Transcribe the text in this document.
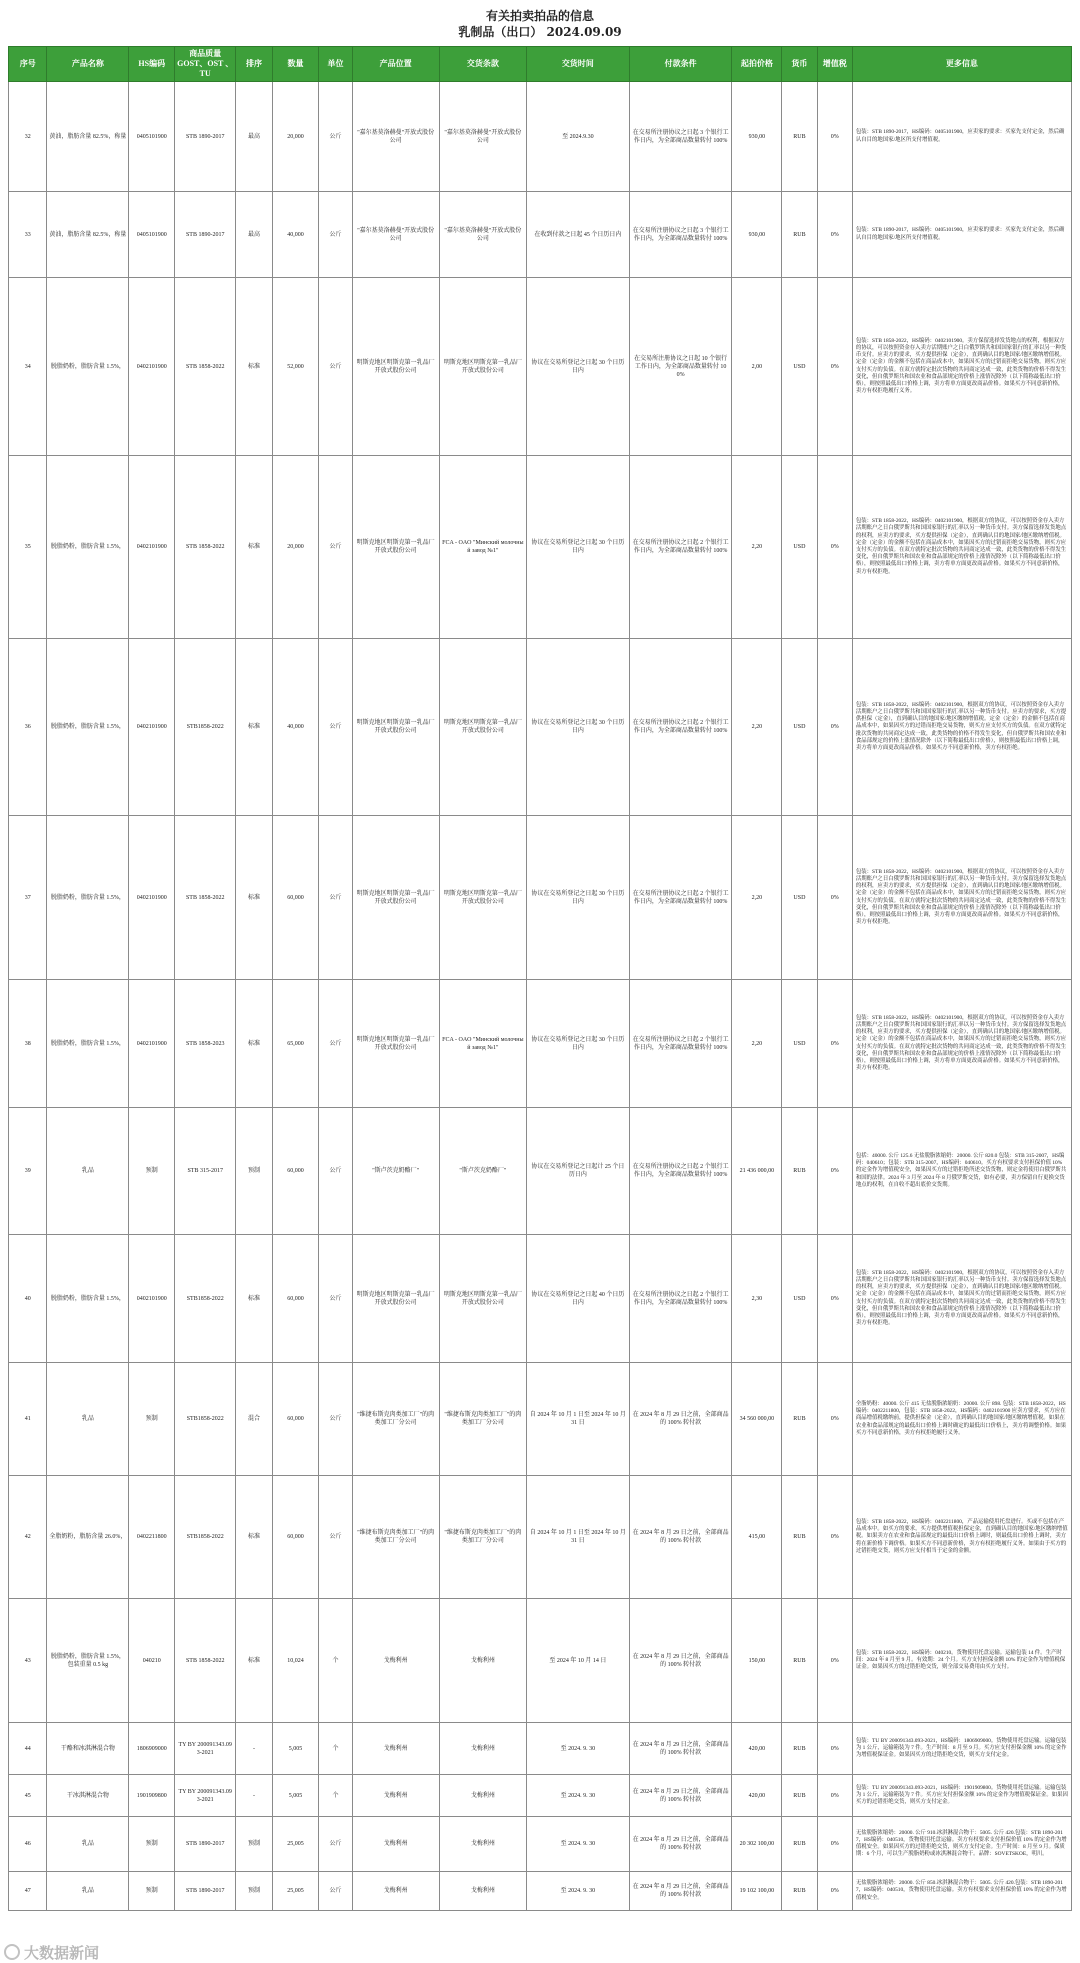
有关拍卖拍品的信息
乳制品（出口） 2024.09.09
序号	产品名称	HS编码	商品质量 GOST、OST 、TU	排序	数量	单位	产品位置	交货条款	交货时间	付款条件	起拍价格	货币	增值税	更多信息
32	黄油，脂肪含量 82.5%，称量	0405101900	STB 1890-2017	最高	20,000	公斤	"嘉尔基莫洛赫曼"开放式股份公司	"嘉尔基莫洛赫曼"开放式股份公司	至 2024.9.30	在交易所注册协议之日起 3 个银行工作日内，为全部商品数量转付 100%	930,00	RUB	0%	包装：STB 1890-2017，HS编码：0405101900，应卖家的要求：买家先支付定金，然后确认自目的地国家/地区所支付增值税。
33	黄油，脂肪含量 82.5%，称量	0405101900	STB 1890-2017	最高	40,000	公斤	"嘉尔基莫洛赫曼"开放式股份公司	"嘉尔基莫洛赫曼"开放式股份公司	在收到付款之日起 45 个日历日内	在交易所注册协议之日起 3 个银行工作日内，为全部商品数量转付 100%	930,00	RUB	0%	包装：STB 1890-2017，HS编码：0405101900，应卖家的要求：买家先支付定金，然后确认自目的地国家/地区所支付增值税。
34	脱脂奶粉，脂肪含量 1.5%，	0402101900	STB 1858-2022	标准	52,000	公斤	明斯克地区明斯克第一乳品厂开放式股份公司	明斯克地区明斯克第一乳品厂开放式股份公司	协议在交易所登记之日起 30 个日历日内	在交易所注册协议之日起 10 个银行工作日内，为全部商品数量转付 100%	2,00	USD	0%	包装：STB 1858-2022，HS编码：0402101900。卖方保留选择发货地点的权利，根据双方的协议，可以按照资金存入卖方活期账户之日白俄罗斯共和国国家银行的汇率以另一种货币支付。应卖方的要求，买方提供担保（定金），直到确认目的地国家/地区缴纳增值税。定金（定金）的金额不包括在商品成本中，如果因买方的过错而拒绝交易货物，则买方应支付买方的负债。在双方就特定批次货物的共同商定达成一致，此类货物的价格不得发生变化，但自俄罗斯共和国农业和食品部规定的价格上涨情况除外（以下简称最低出口价格），则按照最低出口价格上调，卖方将单方面更改商品价格。如果买方不同意新价格，卖方有权拒绝履行义务。
35	脱脂奶粉，脂肪含量 1.5%，	0402101900	STB 1858-2022	标准	20,000	公斤	明斯克地区明斯克第一乳品厂开放式股份公司	FCA - OAO "Минский молочный завод №1"	协议在交易所登记之日起 30 个日历日内	在交易所注册协议之日起 2 个银行工作日内，为全部商品数量转付 100%	2,20	USD	0%	包装：STB 1858-2022，HS编码：0402101900，根据双方的协议，可以按照资金存入卖方活期账户之日白俄罗斯共和国国家银行的汇率以另一种货币支付。卖方保留选择发货地点的权利，应卖方的要求，买方提供担保（定金），直到确认目的地国家/地区缴纳增值税。定金（定金）的金额不包括在商品成本中，如果因买方的过错而拒绝交易货物，则买方应支付买方的负债。在双方就特定批次货物的共同商定达成一致，此类货物的价格不得发生变化，但自俄罗斯共和国农业和食品部规定的价格上涨情况除外（以下简称最低出口价格），则按照最低出口价格上调，卖方将单方面更改商品价格。如果买方不同意新价格，卖方有权拒绝。
36	脱脂奶粉，脂肪含量 1.5%，	0402101900	STB1858-2022	标准	40,000	公斤	明斯克地区明斯克第一乳品厂开放式股份公司	明斯克地区明斯克第一乳品厂开放式股份公司	协议在交易所登记之日起 30 个日历日内	在交易所注册协议之日起 2 个银行工作日内，为全部商品数量转付 100%	2,20	USD	0%	包装：STB 1858-2022，HS编码：0402101900，根据双方的协议，可以按照资金存入卖方活期账户之日白俄罗斯共和国国家银行的汇率以另一种货币支付。应卖方的要求，买方提供担保（定金），直到确认目的地国家/地区缴纳增值税。定金（定金）的金额不包括在商品成本中，如果因买方的过错而拒绝交易货物，则买方应支付买方的负债。在双方就特定批次货物的共同商定达成一致，此类货物的价格不得发生变化，但自俄罗斯共和国农业和食品部规定的价格上涨情况除外（以下简称最低出口价格），则按照最低出口价格上调，卖方将单方面更改商品价格。如果买方不同意新价格，卖方有权拒绝。
37	脱脂奶粉，脂肪含量 1.5%，	0402101900	STB 1858-2022	标准	60,000	公斤	明斯克地区明斯克第一乳品厂开放式股份公司	明斯克地区明斯克第一乳品厂开放式股份公司	协议在交易所登记之日起 30 个日历日内	在交易所注册协议之日起 2 个银行工作日内，为全部商品数量转付 100%	2,20	USD	0%	包装：STB 1858-2022，HS编码：0402101900，根据双方的协议，可以按照资金存入卖方活期账户之日白俄罗斯共和国国家银行的汇率以另一种货币支付。卖方保留选择发货地点的权利，应卖方的要求，买方提供担保（定金），直到确认目的地国家/地区缴纳增值税。定金（定金）的金额不包括在商品成本中，如果因买方的过错而拒绝交易货物，则买方应支付买方的负债。在双方就特定批次货物的共同商定达成一致，此类货物的价格不得发生变化，但自俄罗斯共和国农业和食品部规定的价格上涨情况除外（以下简称最低出口价格），则按照最低出口价格上调，卖方将单方面更改商品价格。如果买方不同意新价格，卖方有权拒绝。
38	脱脂奶粉，脂肪含量 1.5%，	0402101900	STB 1858-2023	标准	65,000	公斤	明斯克地区明斯克第一乳品厂开放式股份公司	FCA - OAO "Минский молочный завод №1"	协议在交易所登记之日起 30 个日历日内	在交易所注册协议之日起 2 个银行工作日内，为全部商品数量转付 100%	2,20	USD	0%	包装：STB 1858-2022，HS编码：0402101900，根据双方的协议，可以按照资金存入卖方活期账户之日白俄罗斯共和国国家银行的汇率以另一种货币支付。卖方保留选择发货地点的权利，应卖方的要求，买方提供担保（定金），直到确认目的地国家/地区缴纳增值税。定金（定金）的金额不包括在商品成本中，如果因买方的过错而拒绝交易货物，则买方应支付买方的负债。在双方就特定批次货物的共同商定达成一致，此类货物的价格不得发生变化，但自俄罗斯共和国农业和食品部规定的价格上涨情况除外（以下简称最低出口价格），则按照最低出口价格上调，卖方将单方面更改商品价格。如果买方不同意新价格，卖方有权拒绝。
39	乳品	预制	STB 315-2017	预制	60,000	公斤	"斯卢茨克奶酪厂"	"斯卢茨克奶酪厂"	协议在交易所登记之日起计 25 个日历日内	在交易所注册协议之日起 2 个银行工作日内，为全部商品数量转付 100%	21 436 000,00	RUB	0%	包括：40000. 公斤 125.6 无盐脱脂浓缩奶：20000. 公斤 820.0 包装：STB 315-2007，HS编码：040610；包装：STB 315-2007，HS编码：040610。买方有权要求支付担保价值 10% 的定金作为增值税安全，如果因买方的过错拒绝所述交货货物，则定金将使用白俄罗斯共和国的法律。2024 年 3 月至 2024 年 8 月俄罗斯交货，如有必要，卖方保留自行更换交货地点的权利，在自收不超出底价交货期。
40	脱脂奶粉，脂肪含量 1.5%，	0402101900	STB1858-2022	标准	60,000	公斤	明斯克地区明斯克第一乳品厂开放式股份公司	明斯克地区明斯克第一乳品厂开放式股份公司	协议在交易所登记之日起 40 个日历日内	在交易所注册协议之日起 2 个银行工作日内，为全部商品数量转付 100%	2,30	USD	0%	包装：STB 1858-2022，HS编码：0402101900，根据双方的协议，可以按照资金存入卖方活期账户之日白俄罗斯共和国国家银行的汇率以另一种货币支付。卖方保留选择发货地点的权利，应卖方的要求，买方提供担保（定金），直到确认目的地国家/地区缴纳增值税。定金（定金）的金额不包括在商品成本中，如果因买方的过错而拒绝交易货物，则买方应支付买方的负债。在双方就特定批次货物的共同商定达成一致，此类货物的价格不得发生变化，但自俄罗斯共和国农业和食品部规定的价格上涨情况除外（以下简称最低出口价格），则按照最低出口价格上调，卖方将单方面更改商品价格。如果买方不同意新价格，卖方有权拒绝。
41	乳品	预制	STB1858-2022	混合	60,000	公斤	"维捷布斯克肉类加工厂"的肉类加工厂分公司	"维捷布斯克肉类加工厂"的肉类加工厂分公司	自 2024 年 10 月 1 日至 2024 年 10 月 31 日	在 2024 年 8 月 29 日之前，全部商品的 100% 转付款	34 560 000,00	RUB	0%	全脂奶粉：40000. 公斤 415 无盐脱脂浓缩奶：20000. 公斤 898. 包装：STB 1858-2022，HS编码：0402211800，包装：STB 1858-2022，HS编码：0402101900 应卖方要求，买方应在商品增值税缴纳前，提供担保金（定金），直到确认目的地国家/地区缴纳增值税。如果在农业和食品部规定的最低出口价格上调时确定的最低出口价格上，卖方将调整价格。如果买方不同意新价格，卖方有权拒绝履行义务。
42	全脂奶粉，脂肪含量 26.0%，	0402211800	STB1858-2022	标准	60,000	公斤	"维捷布斯克肉类加工厂"的肉类加工厂分公司	"维捷布斯克肉类加工厂"的肉类加工厂分公司	自 2024 年 10 月 1 日至 2024 年 10 月 31 日	在 2024 年 8 月 29 日之前，全部商品的 100% 转付款	415,00	RUB	0%	包装：STB 1858-2022，HS编码：0402211800，产品运输使用托盘进行。买或不包括在产品成本中。如买方的要求，买方提供增值税担保定金，直到确认目的地国家/地区缴纳增值税。如果卖方在农业和食品部规定的最低出口价格上调时，则最低出口价格上调时，卖方将在新价格下调价格。如果买方不同意新价格，卖方有权拒绝履行义务。如果由于买方的过错拒绝交货，则买方应支付相当于定金的金额。
43	脱脂奶粉，脂肪含量 1.5%，包装重量 0.5 kg	040210	STB 1858-2022	标准	10,024	个	戈梅利州	戈梅利州	至 2024 年 10 月 14 日	在 2024 年 8 月 29 日之前，全部商品的 100% 转付款	150,00	RUB	0%	包装：STB 1858-2022，HS编码：040210。货物使用托盘运输。运输包装 14 件。生产时间：2024 年 8 月至 9 月。有效期：24 个月。买方支付担保金额 10% 的定金作为增值税保证金。如果因买方的过错拒绝交货，则全部交易费用由买方支付。
44	干酪和冰淇淋混合物	1806909000	TY BY 200091343.093-2021	-	5,005	个	戈梅利州	戈梅利州	至 2024. 9. 30	在 2024 年 8 月 29 日之前，全部商品的 100% 转付款	420,00	RUB	0%	包装：TU BY 200091343.093-2021，HS编码：1806909000。货物使用托盘运输。运输包装为 1 公斤，运输箱装为 7 件。生产时间：8 月至 9 月。买方应支付担保金额 10% 的定金作为增值税保证金。如果因买方的过错拒绝交货，则买方支付定金。
45	干冰淇淋混合物	1901909800	TY BY 200091343.093-2021	-	5,005	个	戈梅利州	戈梅利州	至 2024. 9. 30	在 2024 年 8 月 29 日之前，全部商品的 100% 转付款	420,00	RUB	0%	包装：TU BY 200091343.093-2021，HS编码：1901909800。货物使用托盘运输。运输包装为 1 公斤，运输箱装为 7 件。买方应支付担保金额 10% 的定金作为增值税保证金。如果因买方的过错拒绝交货，则买方支付定金。
46	乳品	预制	STB 1890-2017	预制	25,005	公斤	戈梅利州	戈梅利州	至 2024. 9. 30	在 2024 年 8 月 29 日之前，全部商品的 100% 转付款	20 302 100,00	RUB	0%	无盐脱脂浓缩奶：20000. 公斤 910.冰淇淋混合物干：5005. 公斤 420.包装：STB 1890-2017，HS编码：040510，货物使用托盘运输。卖方有权要求支付担保价值 10% 的定金作为增值税安全。如果因买方的过错拒绝交货，则买方支付定金。生产时间：8 月至 9 月。保质期：6 个月，可以生产脱脂奶粉或冰淇淋混合物干。品牌：SOVETSKOE，明川。
47	乳品	预制	STB 1890-2017	预制	25,005	公斤	戈梅利州	戈梅利州	至 2024. 9. 30	在 2024 年 8 月 29 日之前，全部商品的 100% 转付款	19 102 100,00	RUB	0%	无盐脱脂浓缩奶：20000. 公斤 850.冰淇淋混合物干：5005. 公斤 420.包装：STB 1890-2017，HS编码：040510，货物使用托盘运输。卖方有权要求支付担保价值 10% 的定金作为增值税安全。
大数据新闻
